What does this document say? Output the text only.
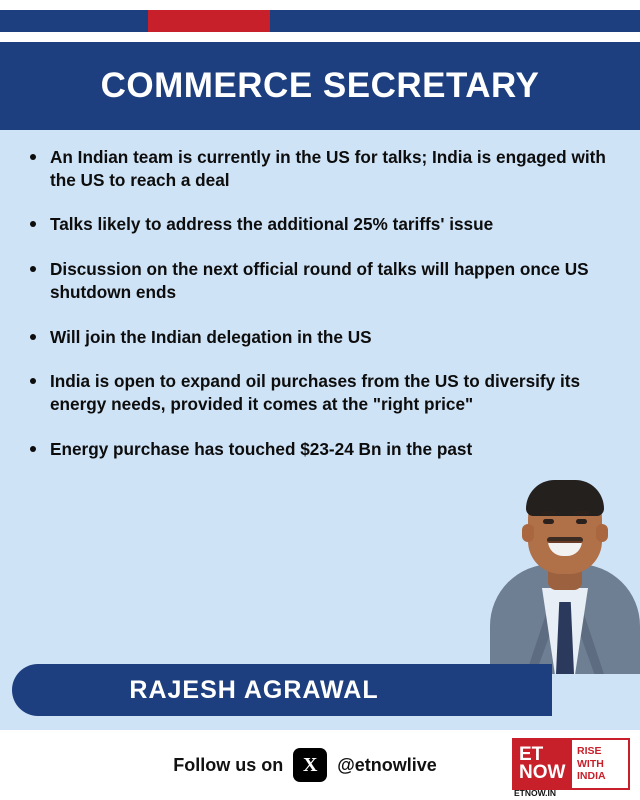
COMMERCE SECRETARY
An Indian team is currently in the US for talks; India is engaged with the US to reach a deal
Talks likely to address the additional 25% tariffs' issue
Discussion on the next official round of talks will happen once US shutdown ends
Will join the Indian delegation in the US
India is open to expand oil purchases from the US to diversify its energy needs, provided it comes at the "right price"
Energy purchase has touched $23-24 Bn in the past
RAJESH AGRAWAL
Follow us on X	@etnowlive	ET
NOW
RISE
WITH
INDIA
ETNOW.IN
